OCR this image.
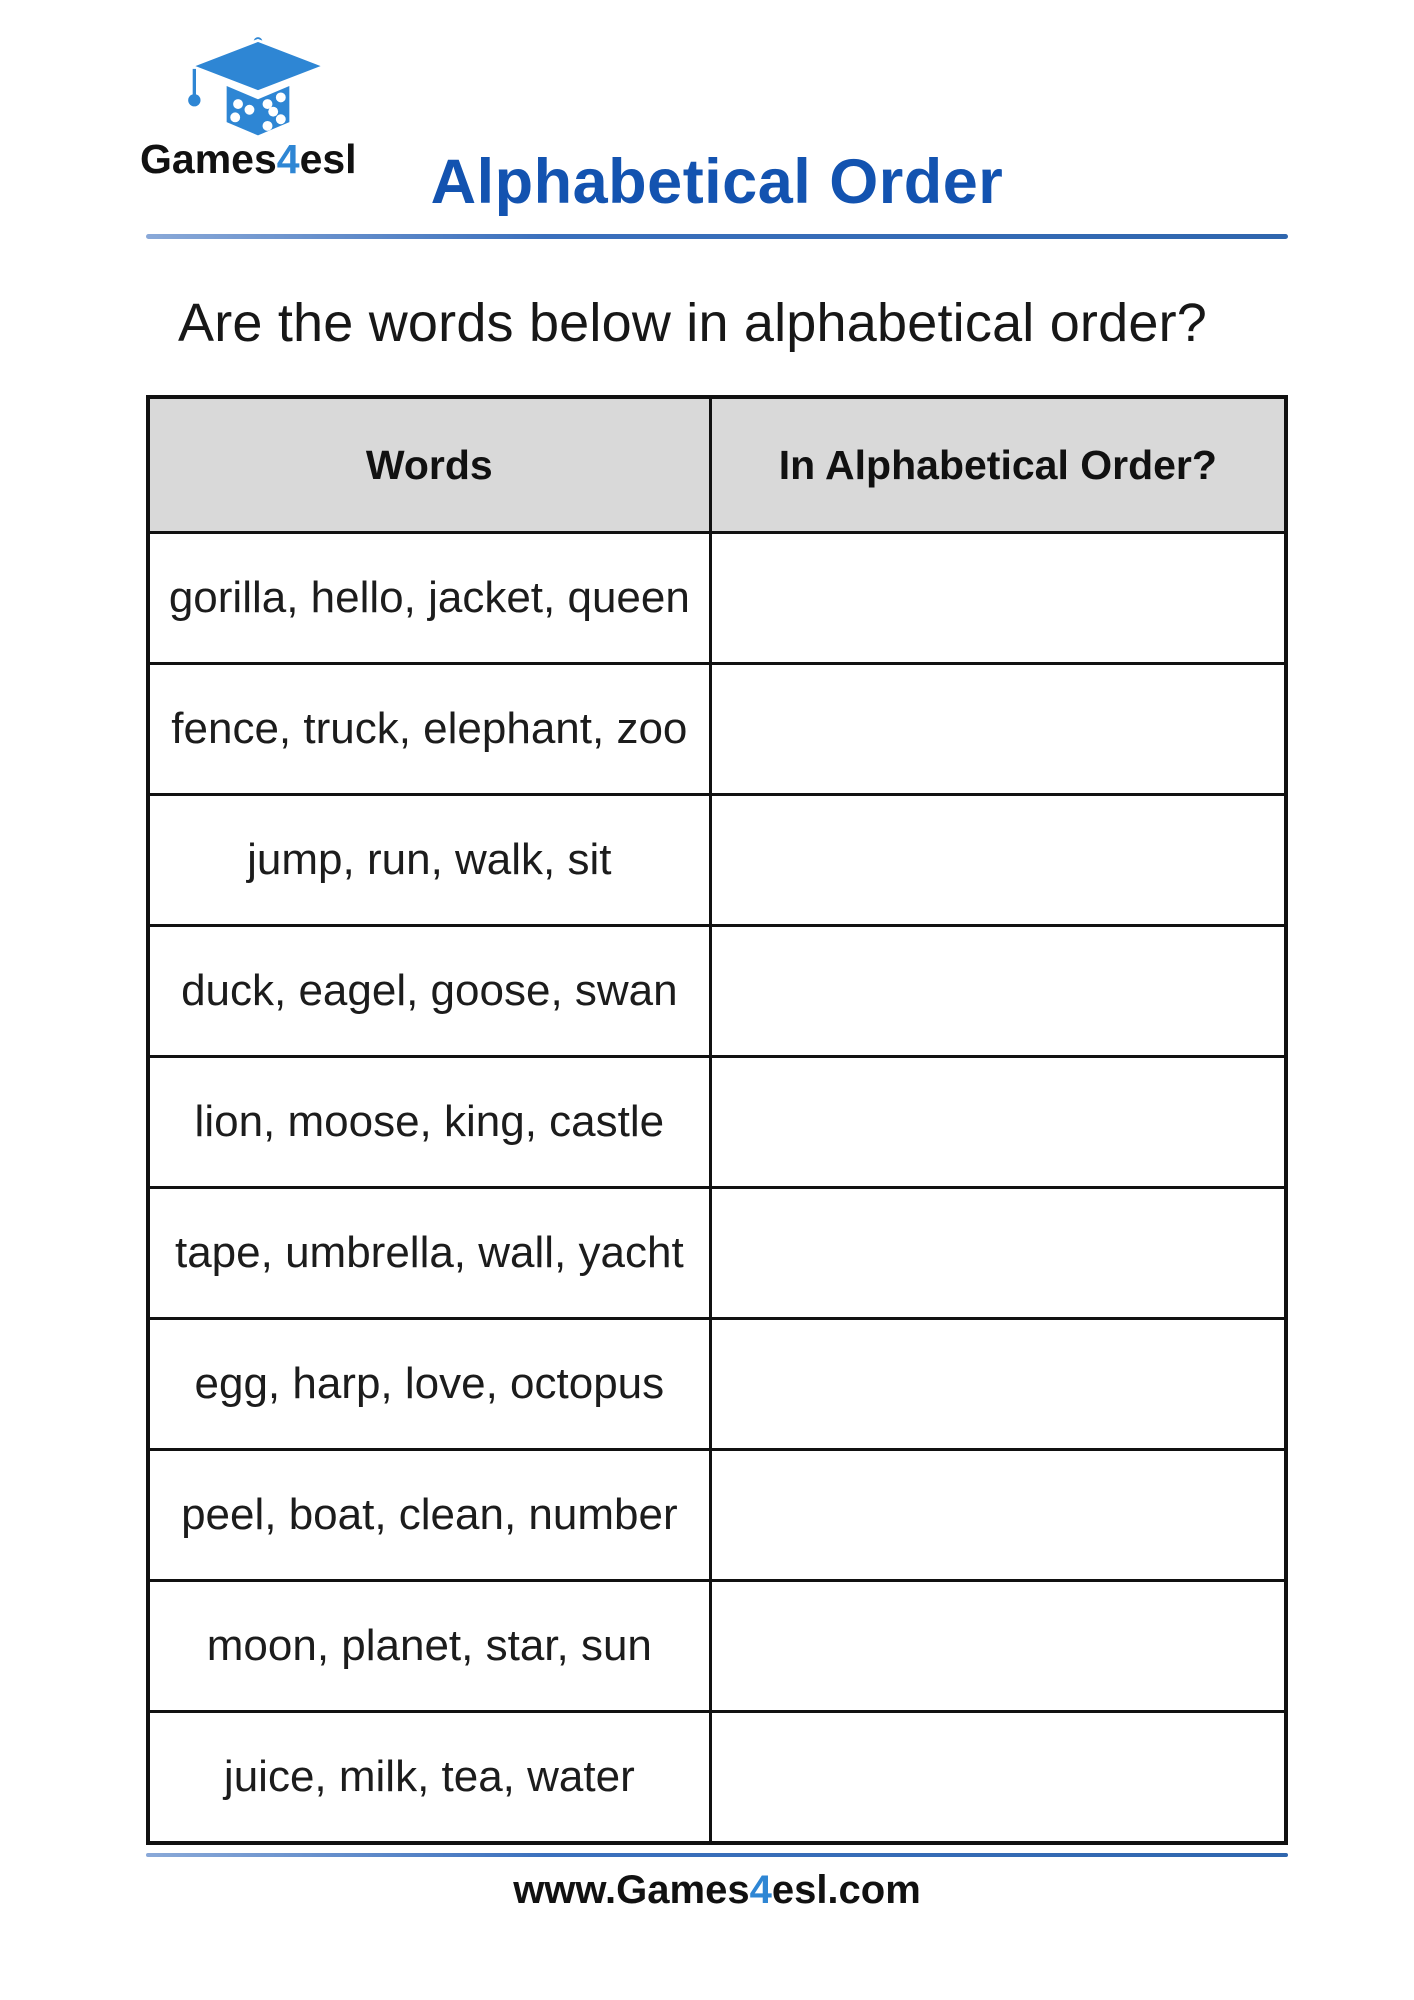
Games4esl	Alphabetical Order
Are the words below in alphabetical order?
Words	In Alphabetical Order?
gorilla, hello, jacket, queen	
fence, truck, elephant, zoo	
jump, run, walk, sit	
duck, eagel, goose, swan	
lion, moose, king, castle	
tape, umbrella, wall, yacht	
egg, harp, love, octopus	
peel, boat, clean, number	
moon, planet, star, sun	
juice, milk, tea, water	
www.Games4esl.com
